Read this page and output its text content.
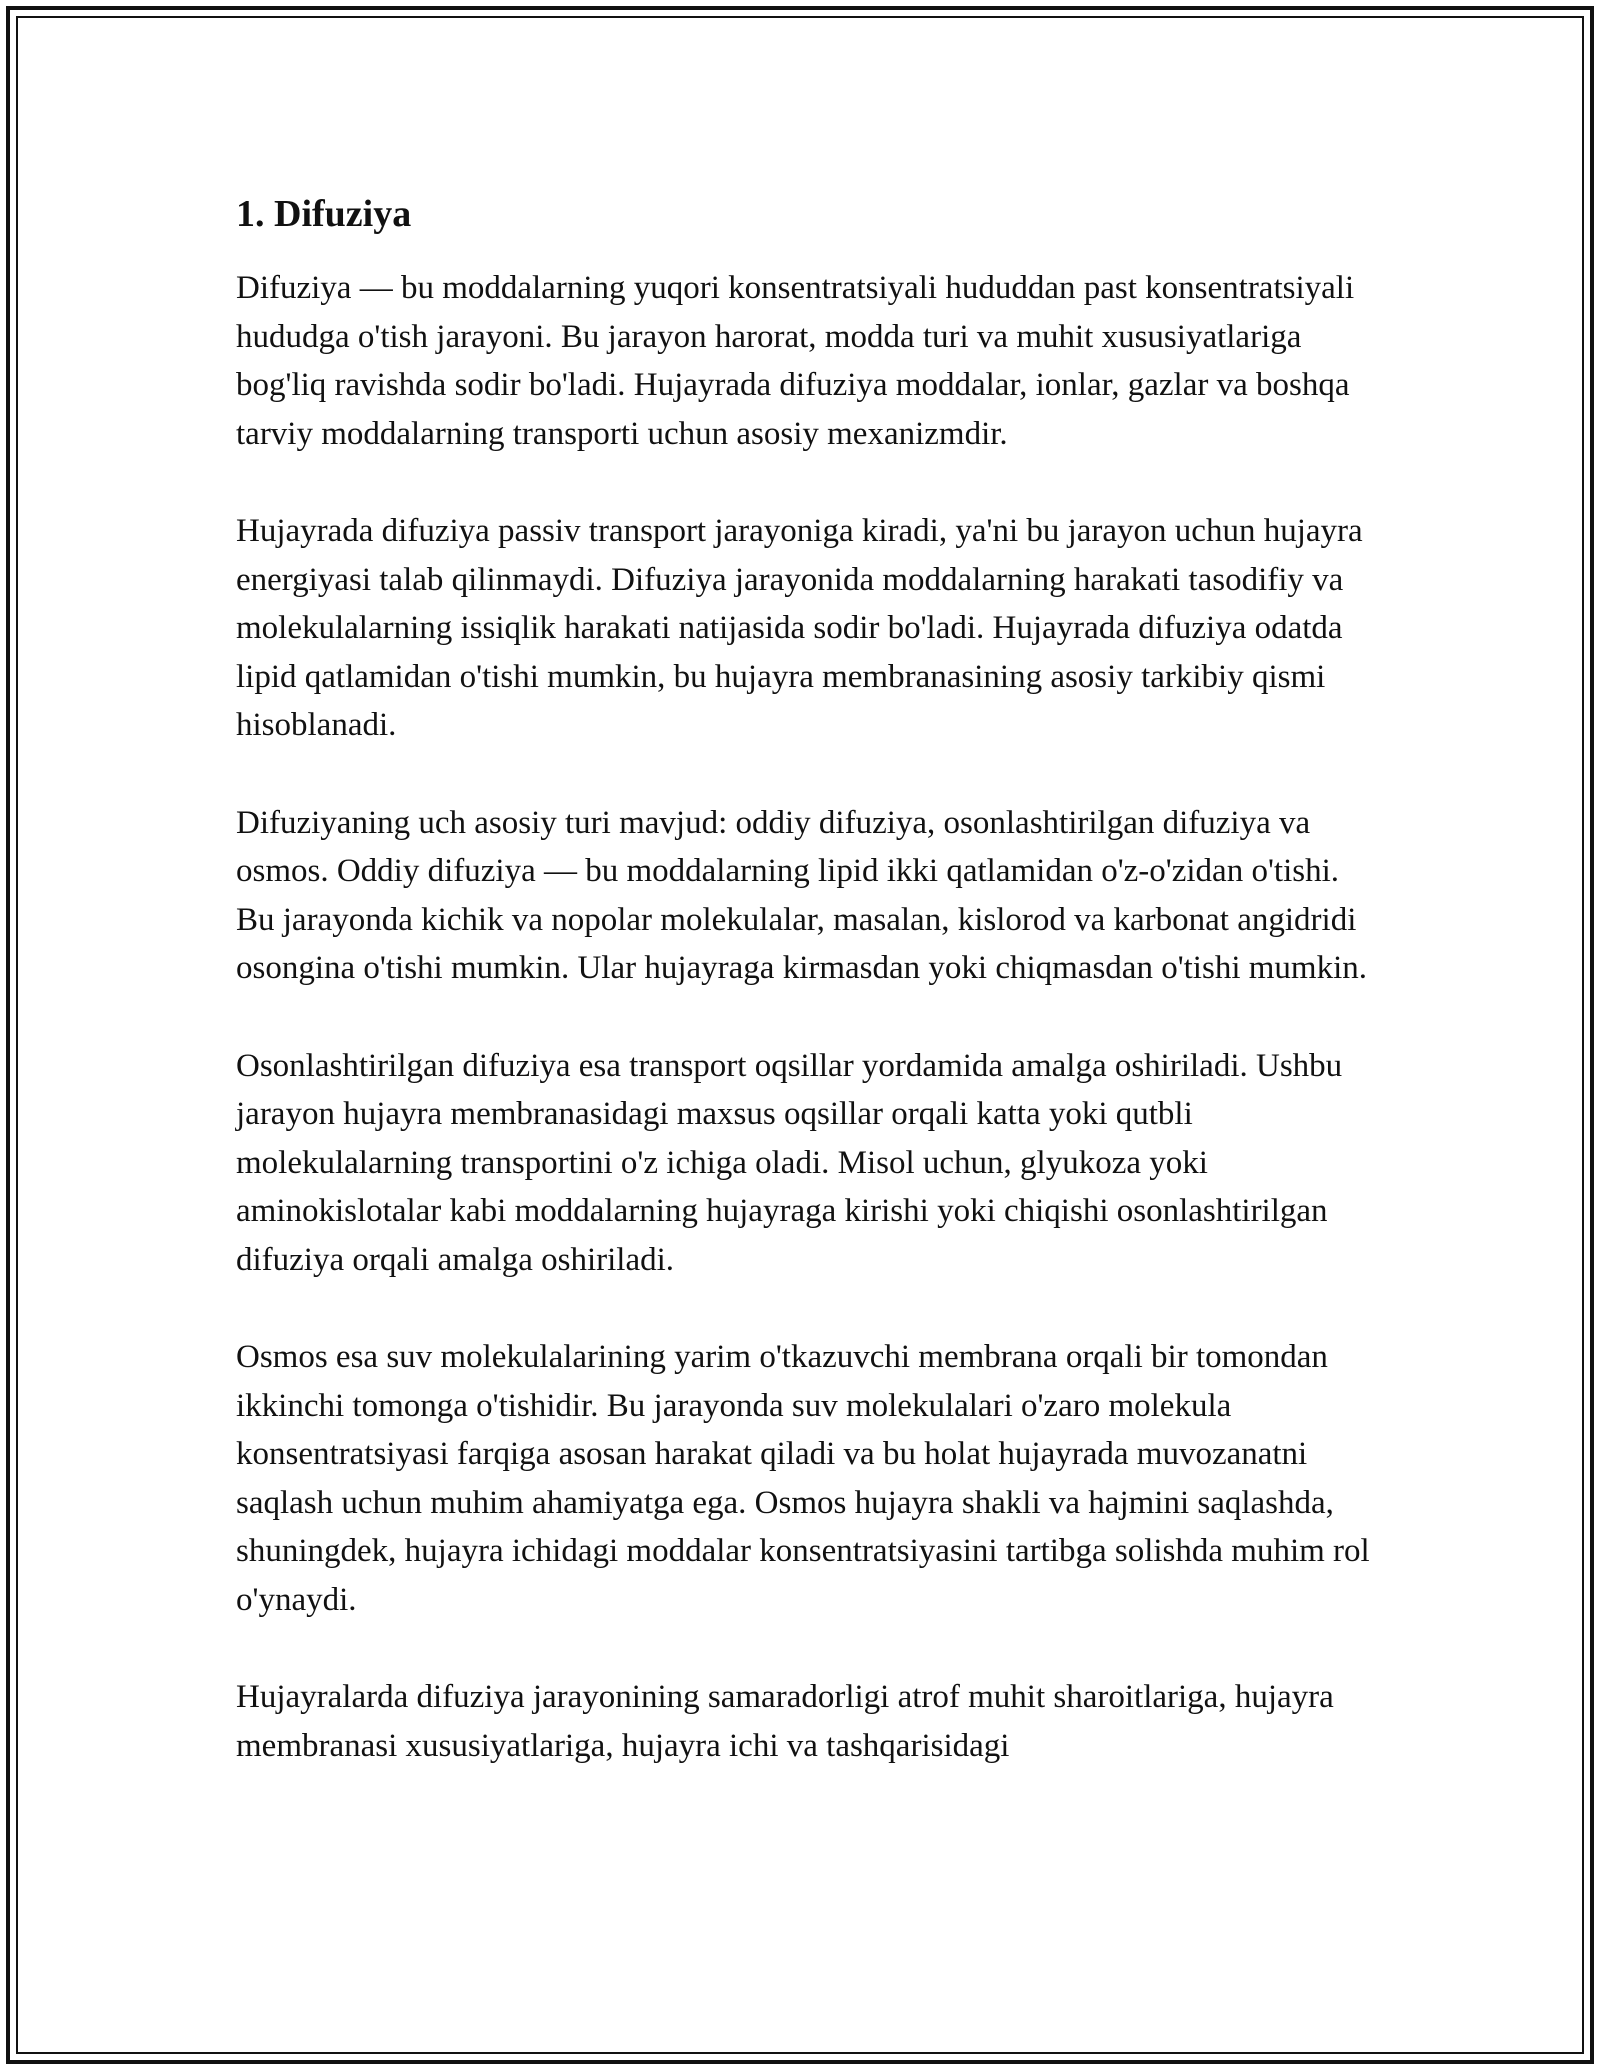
1. Difuziya

Difuziya — bu moddalarning yuqori konsentratsiyali hududdan past konsentratsiyali hududga o'tish jarayoni. Bu jarayon harorat, modda turi va muhit xususiyatlariga bog'liq ravishda sodir bo'ladi. Hujayrada difuziya moddalar, ionlar, gazlar va boshqa tarviy moddalarning transporti uchun asosiy mexanizmdir.

Hujayrada difuziya passiv transport jarayoniga kiradi, ya'ni bu jarayon uchun hujayra energiyasi talab qilinmaydi. Difuziya jarayonida moddalarning harakati tasodifiy va molekulalarning issiqlik harakati natijasida sodir bo'ladi. Hujayrada difuziya odatda lipid qatlamidan o'tishi mumkin, bu hujayra membranasining asosiy tarkibiy qismi hisoblanadi.

Difuziyaning uch asosiy turi mavjud: oddiy difuziya, osonlashtirilgan difuziya va osmos. Oddiy difuziya — bu moddalarning lipid ikki qatlamidan o'z-o'zidan o'tishi. Bu jarayonda kichik va nopolar molekulalar, masalan, kislorod va karbonat angidridi osongina o'tishi mumkin. Ular hujayraga kirmasdan yoki chiqmasdan o'tishi mumkin.

Osonlashtirilgan difuziya esa transport oqsillar yordamida amalga oshiriladi. Ushbu jarayon hujayra membranasidagi maxsus oqsillar orqali katta yoki qutbli molekulalarning transportini o'z ichiga oladi. Misol uchun, glyukoza yoki aminokislotalar kabi moddalarning hujayraga kirishi yoki chiqishi osonlashtirilgan difuziya orqali amalga oshiriladi.

Osmos esa suv molekulalarining yarim o'tkazuvchi membrana orqali bir tomondan ikkinchi tomonga o'tishidir. Bu jarayonda suv molekulalari o'zaro molekula konsentratsiyasi farqiga asosan harakat qiladi va bu holat hujayrada muvozanatni saqlash uchun muhim ahamiyatga ega. Osmos hujayra shakli va hajmini saqlashda, shuningdek, hujayra ichidagi moddalar konsentratsiyasini tartibga solishda muhim rol o'ynaydi.

Hujayralarda difuziya jarayonining samaradorligi atrof muhit sharoitlariga, hujayra membranasi xususiyatlariga, hujayra ichi va tashqarisidagi
